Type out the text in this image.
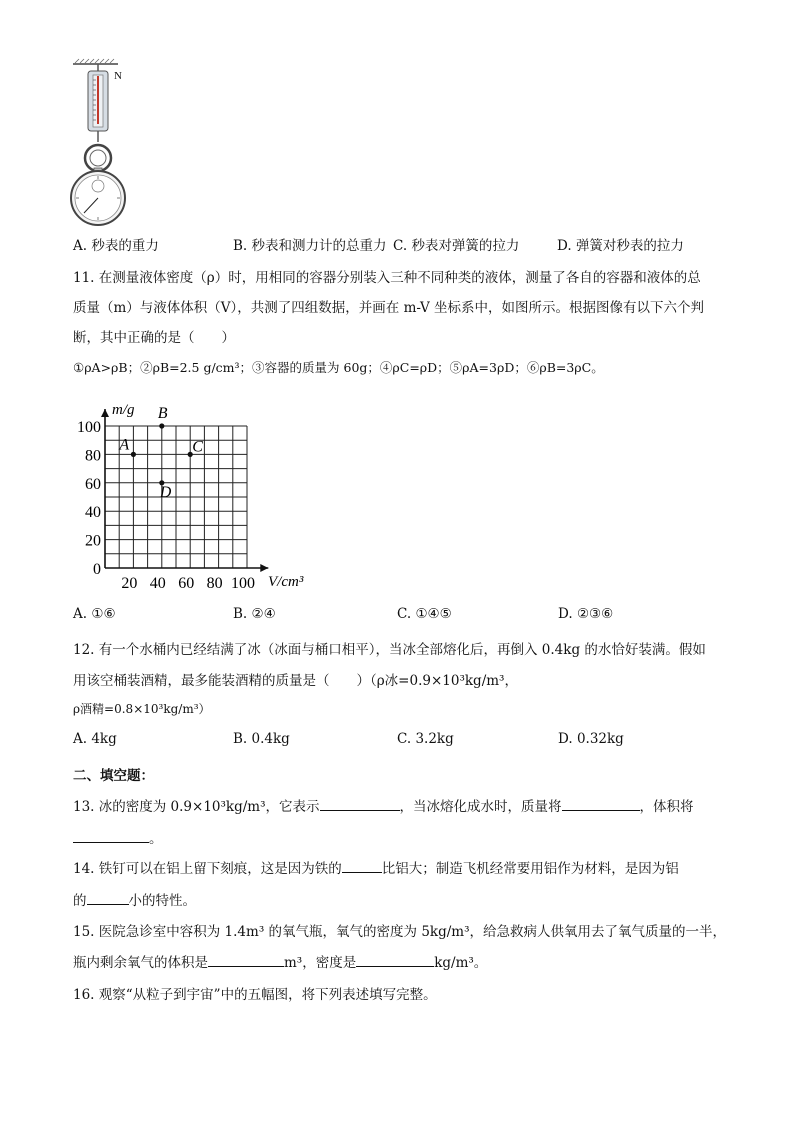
N
A. 秒表的重力	B. 秒表和测力计的总重力 C. 秒表对弹簧的拉力	D. 弹簧对秒表的拉力
11. 在测量液体密度（ρ）时，用相同的容器分别装入三种不同种类的液体，测量了各自的容器和液体的总
质量（m）与液体体积（V），共测了四组数据，并画在 m-V 坐标系中，如图所示。根据图像有以下六个判
断，其中正确的是（　　）
①ρA>ρB；②ρB=2.5 g/cm³；③容器的质量为 60g；④ρC=ρD；⑤ρA=3ρD；⑥ρB=3ρC。
0
20
40
60
80
100
20 40 60 80 100
A
B
C
D
m/g
V/cm³
A. ①⑥	B. ②④	C. ①④⑤	D. ②③⑥
12. 有一个水桶内已经结满了冰（冰面与桶口相平），当冰全部熔化后，再倒入 0.4kg 的水恰好装满。假如
用该空桶装酒精，最多能装酒精的质量是（　　）（ρ冰=0.9×10³kg/m³，
ρ酒精=0.8×10³kg/m³）
A. 4kg	B. 0.4kg	C. 3.2kg	D. 0.32kg
二、填空题：
13. 冰的密度为 0.9×10³kg/m³，它表示	，当冰熔化成水时，质量将	，体积将
。
14. 铁钉可以在铝上留下刻痕，这是因为铁的	比铝大；制造飞机经常要用铝作为材料，是因为铝
的	小的特性。
15. 医院急诊室中容积为 1.4m³ 的氧气瓶，氧气的密度为 5kg/m³，给急救病人供氧用去了氧气质量的一半，
瓶内剩余氧气的体积是	m³，密度是	kg/m³。
16. 观察“从粒子到宇宙”中的五幅图，将下列表述填写完整。
